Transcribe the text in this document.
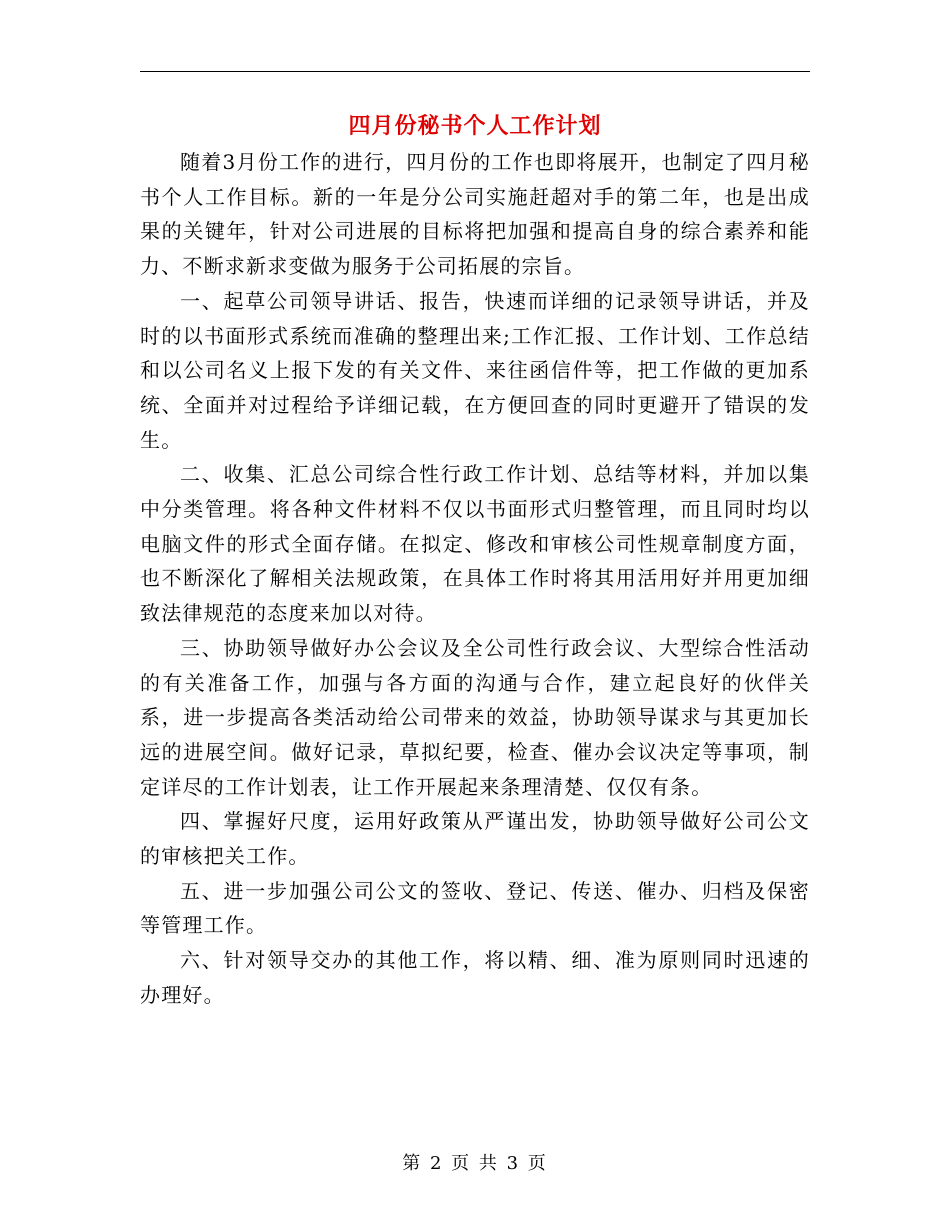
四月份秘书个人工作计划

随着3月份工作的进行，四月份的工作也即将展开，也制定了四月秘书个人工作目标。新的一年是分公司实施赶超对手的第二年，也是出成果的关键年，针对公司进展的目标将把加强和提高自身的综合素养和能力、不断求新求变做为服务于公司拓展的宗旨。

一、起草公司领导讲话、报告，快速而详细的记录领导讲话，并及时的以书面形式系统而准确的整理出来;工作汇报、工作计划、工作总结和以公司名义上报下发的有关文件、来往函信件等，把工作做的更加系统、全面并对过程给予详细记载，在方便回查的同时更避开了错误的发生。

二、收集、汇总公司综合性行政工作计划、总结等材料，并加以集中分类管理。将各种文件材料不仅以书面形式归整管理，而且同时均以电脑文件的形式全面存储。在拟定、修改和审核公司性规章制度方面，也不断深化了解相关法规政策，在具体工作时将其用活用好并用更加细致法律规范的态度来加以对待。

三、协助领导做好办公会议及全公司性行政会议、大型综合性活动的有关准备工作，加强与各方面的沟通与合作，建立起良好的伙伴关系，进一步提高各类活动给公司带来的效益，协助领导谋求与其更加长远的进展空间。做好记录，草拟纪要，检查、催办会议决定等事项，制定详尽的工作计划表，让工作开展起来条理清楚、仅仅有条。

四、掌握好尺度，运用好政策从严谨出发，协助领导做好公司公文的审核把关工作。

五、进一步加强公司公文的签收、登记、传送、催办、归档及保密等管理工作。

六、针对领导交办的其他工作，将以精、细、准为原则同时迅速的办理好。

第 2 页 共 3 页
